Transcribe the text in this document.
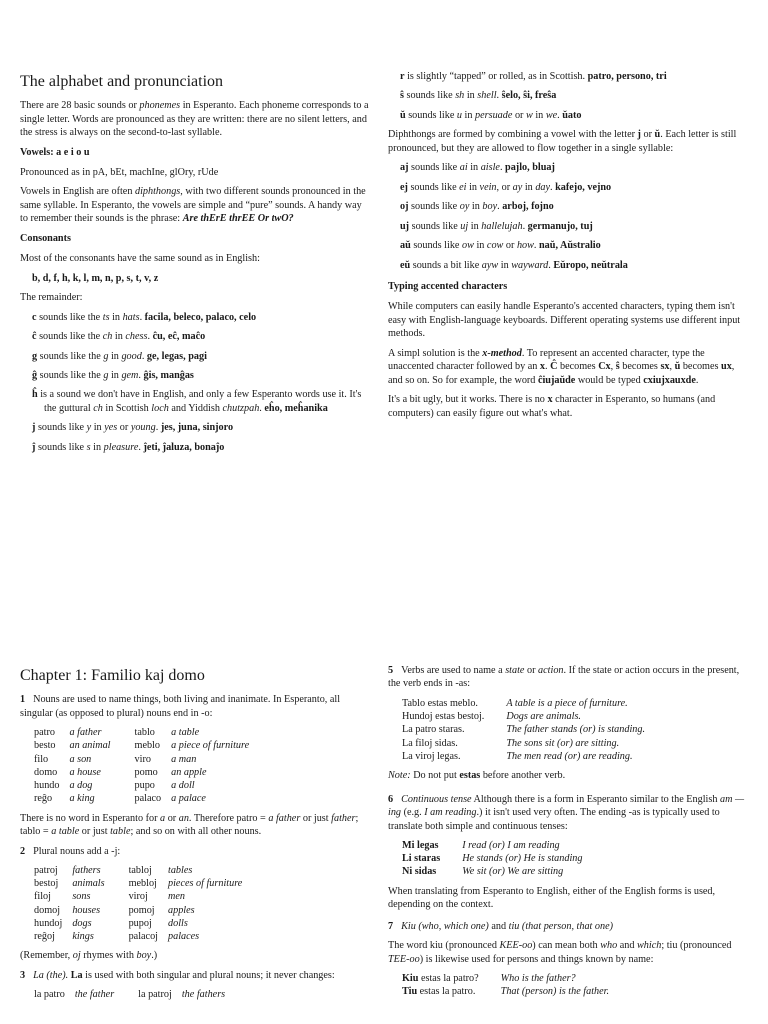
The alphabet and pronunciation

There are 28 basic sounds or phonemes in Esperanto. Each phoneme corresponds to a single letter. Words are pronounced as they are written: there are no silent letters, and the stress is always on the second-to-last syllable.

Vowels: a e i o u

Pronounced as in pA, bEt, machIne, glOry, rUde

Vowels in English are often diphthongs, with two different sounds pronounced in the same syllable. In Esperanto, the vowels are simple and “pure” sounds. A handy way to remember their sounds is the phrase: Are thErE thrEE Or twO?

Consonants

Most of the consonants have the same sound as in English:

b, d, f, h, k, l, m, n, p, s, t, v, z

The remainder:

c sounds like the ts in hats. facila, beleco, palaco, celo

ĉ sounds like the ch in chess. ĉu, eĉ, maĉo

g sounds like the g in good. ge, legas, pagi

ĝ sounds like the g in gem. ĝis, manĝas

ĥ is a sound we don't have in English, and only a few Esperanto words use it. It's the guttural ch in Scottish loch and Yiddish chutzpah. eĥo, meĥanika

j sounds like y in yes or young. jes, juna, sinjoro

ĵ sounds like s in pleasure. ĵeti, ĵaluza, bonaĵo

r is slightly “tapped” or rolled, as in Scottish. patro, persono, tri

ŝ sounds like sh in shell. ŝelo, ŝi, freŝa

ŭ sounds like u in persuade or w in we. ŭato

Diphthongs are formed by combining a vowel with the letter j or ŭ. Each letter is still pronounced, but they are allowed to flow together in a single syllable:

aj sounds like ai in aisle. pajlo, bluaj

ej sounds like ei in vein, or ay in day. kafejo, vejno

oj sounds like oy in boy. arboj, fojno

uj sounds like uj in hallelujah. germanujo, tuj

aŭ sounds like ow in cow or how. naŭ, Aŭstralio

eŭ sounds a bit like ayw in wayward. Eŭropo, neŭtrala

Typing accented characters

While computers can easily handle Esperanto's accented characters, typing them isn't easy with English-language keyboards. Different operating systems use different input methods.

A simpl solution is the x-method. To represent an accented character, type the unaccented character followed by an x. Ĉ becomes Cx, ŝ becomes sx, ŭ becomes ux, and so on. So for example, the word ĉiujaŭde would be typed cxiujxauxde.

It's a bit ugly, but it works. There is no x character in Esperanto, so humans (and computers) can easily figure out what's what.

Chapter 1: Familio kaj domo

1 Nouns are used to name things, both living and inanimate. In Esperanto, all singular (as opposed to plural) nouns end in -o:

patro	a father	tablo	a table
besto	an animal	meblo	a piece of furniture
filo	a son	viro	a man
domo	a house	pomo	an apple
hundo	a dog	pupo	a doll
reĝo	a king	palaco	a palace

There is no word in Esperanto for a or an. Therefore patro = a father or just father; tablo = a table or just table; and so on with all other nouns.

2 Plural nouns add a -j:

patroj	fathers	tabloj	tables
bestoj	animals	mebloj	pieces of furniture
filoj	sons	viroj	men
domoj	houses	pomoj	apples
hundoj	dogs	pupoj	dolls
reĝoj	kings	palacoj	palaces

(Remember, oj rhymes with boy.)

3 La (the). La is used with both singular and plural nouns; it never changes:

la patro	the father	la patroj	the fathers

5 Verbs are used to name a state or action. If the state or action occurs in the present, the verb ends in -as:

Tablo estas meblo.	A table is a piece of furniture.
Hundoj estas bestoj.	Dogs are animals.
La patro staras.	The father stands (or) is standing.
La filoj sidas.	The sons sit (or) are sitting.
La viroj legas.	The men read (or) are reading.

Note: Do not put estas before another verb.

6 Continuous tense Although there is a form in Esperanto similar to the English am —ing (e.g. I am reading.) it isn't used very often. The ending -as is typically used to translate both simple and continuous tenses:

Mi legas	I read (or) I am reading
Li staras	He stands (or) He is standing
Ni sidas	We sit (or) We are sitting

When translating from Esperanto to English, either of the English forms is used, depending on the context.

7 Kiu (who, which one) and tiu (that person, that one)

The word kiu (pronounced KEE-oo) can mean both who and which; tiu (pronounced TEE-oo) is likewise used for persons and things known by name:

Kiu estas la patro?	Who is the father?
Tiu estas la patro.	That (person) is the father.
